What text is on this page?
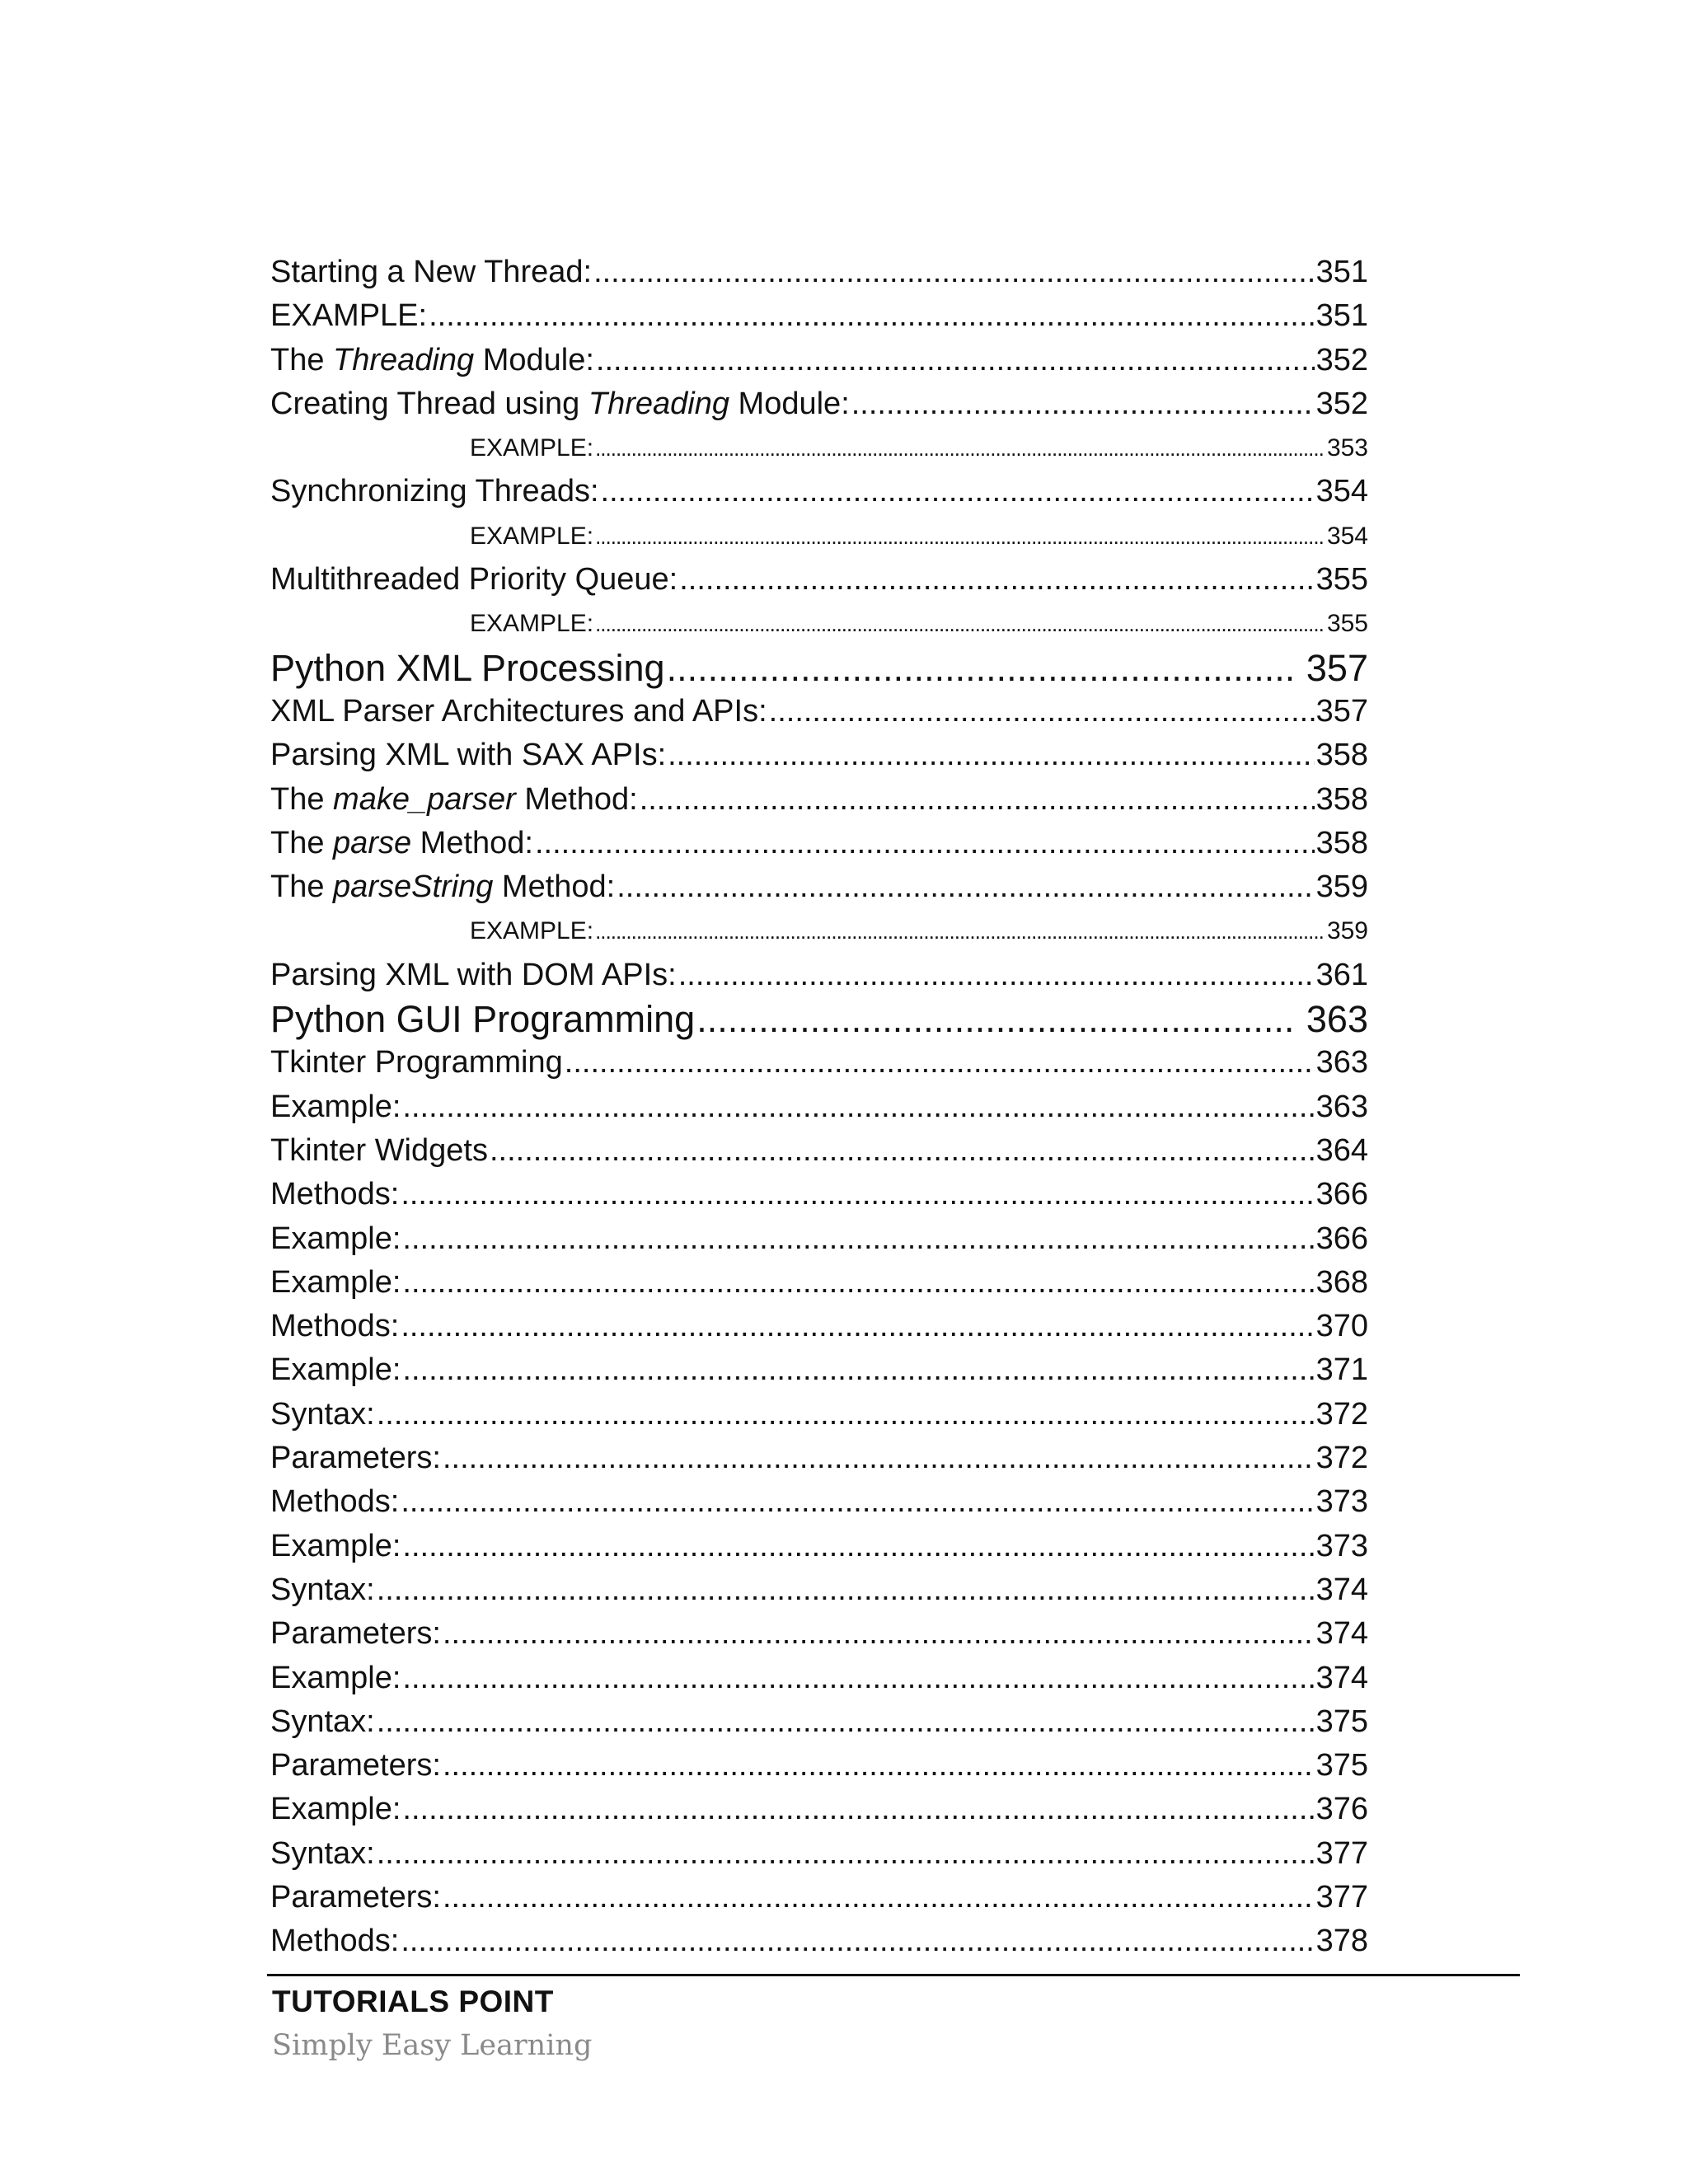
Starting a New Thread: .....	351
EXAMPLE: .....	351
The Threading Module: .....	352
Creating Thread using Threading Module: .....	352
EXAMPLE: .....	353
Synchronizing Threads: .....	354
EXAMPLE: .....	354
Multithreaded Priority Queue: .....	355
EXAMPLE: .....	355
Python XML Processing .....	357
XML Parser Architectures and APIs: .....	357
Parsing XML with SAX APIs: .....	358
The make_parser Method: .....	358
The parse Method: .....	358
The parseString Method: .....	359
EXAMPLE: .....	359
Parsing XML with DOM APIs: .....	361
Python GUI Programming .....	363
Tkinter Programming .....	363
Example: .....	363
Tkinter Widgets .....	364
Methods: .....	366
Example: .....	366
Example: .....	368
Methods: .....	370
Example: .....	371
Syntax: .....	372
Parameters: .....	372
Methods: .....	373
Example: .....	373
Syntax: .....	374
Parameters: .....	374
Example: .....	374
Syntax: .....	375
Parameters: .....	375
Example: .....	376
Syntax: .....	377
Parameters: .....	377
Methods: .....	378
TUTORIALS POINT
Simply Easy Learning
